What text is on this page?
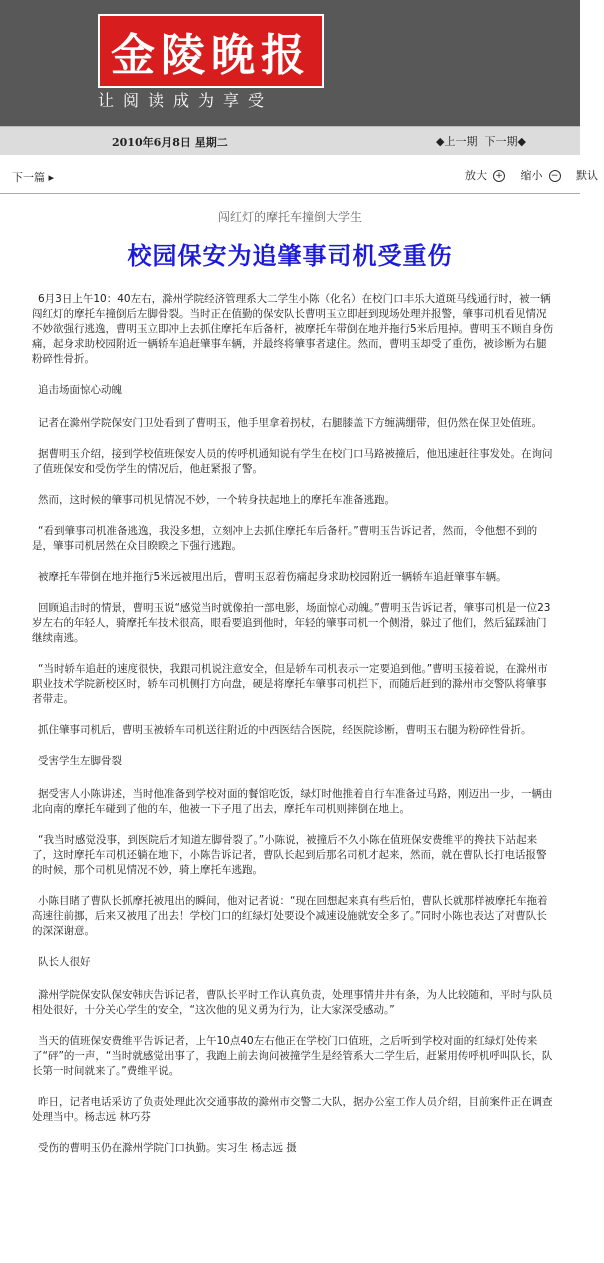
金陵晚报
让阅读成为享受
2010年6月8日 星期二	◆上一期 下一期◆
下一篇 ▸	放大 + 缩小 − 默认
闯红灯的摩托车撞倒大学生
校园保安为追肇事司机受重伤

6月3日上午10：40左右，滁州学院经济管理系大二学生小陈（化名）在校门口丰乐大道斑马线通行时，被一辆闯红灯的摩托车撞倒后左脚骨裂。当时正在值勤的保安队长曹明玉立即赶到现场处理并报警，肇事司机看见情况不妙欲强行逃逸，曹明玉立即冲上去抓住摩托车后备杆，被摩托车带倒在地并拖行5米后甩掉。曹明玉不顾自身伤痛，起身求助校园附近一辆轿车追赶肇事车辆，并最终将肇事者逮住。然而，曹明玉却受了重伤，被诊断为右腿粉碎性骨折。

追击场面惊心动魄

记者在滁州学院保安门卫处看到了曹明玉，他手里拿着拐杖，右腿膝盖下方缠满绷带，但仍然在保卫处值班。

据曹明玉介绍，接到学校值班保安人员的传呼机通知说有学生在校门口马路被撞后，他迅速赶往事发处。在询问了值班保安和受伤学生的情况后，他赶紧报了警。

然而，这时候的肇事司机见情况不妙，一个转身扶起地上的摩托车准备逃跑。

“看到肇事司机准备逃逸，我没多想，立刻冲上去抓住摩托车后备杆。”曹明玉告诉记者，然而，令他想不到的是，肇事司机居然在众目睽睽之下强行逃跑。

被摩托车带倒在地并拖行5米远被甩出后，曹明玉忍着伤痛起身求助校园附近一辆轿车追赶肇事车辆。

回顾追击时的情景，曹明玉说“感觉当时就像拍一部电影，场面惊心动魄。”曹明玉告诉记者，肇事司机是一位23岁左右的年轻人，骑摩托车技术很高，眼看要追到他时，年轻的肇事司机一个侧滑，躲过了他们，然后猛踩油门继续南逃。

“当时轿车追赶的速度很快，我跟司机说注意安全，但是轿车司机表示一定要追到他。”曹明玉接着说，在滁州市职业技术学院新校区时，轿车司机侧打方向盘，硬是将摩托车肇事司机拦下，而随后赶到的滁州市交警队将肇事者带走。

抓住肇事司机后，曹明玉被轿车司机送往附近的中西医结合医院，经医院诊断，曹明玉右腿为粉碎性骨折。

受害学生左脚骨裂

据受害人小陈讲述，当时他准备到学校对面的餐馆吃饭，绿灯时他推着自行车准备过马路，刚迈出一步，一辆由北向南的摩托车碰到了他的车，他被一下子甩了出去，摩托车司机则摔倒在地上。

“我当时感觉没事，到医院后才知道左脚骨裂了。”小陈说，被撞后不久小陈在值班保安费维平的搀扶下站起来了，这时摩托车司机还躺在地下，小陈告诉记者，曹队长起到后那名司机才起来，然而，就在曹队长打电话报警的时候，那个司机见情况不妙，骑上摩托车逃跑。

小陈目睹了曹队长抓摩托被甩出的瞬间，他对记者说：“现在回想起来真有些后怕，曹队长就那样被摩托车拖着高速往前挪，后来又被甩了出去！学校门口的红绿灯处要设个减速设施就安全多了。”同时小陈也表达了对曹队长的深深谢意。

队长人很好

滁州学院保安队保安韩庆告诉记者，曹队长平时工作认真负责，处理事情井井有条，为人比较随和，平时与队员相处很好，十分关心学生的安全，“这次他的见义勇为行为，让大家深受感动。”

当天的值班保安费维平告诉记者，上午10点40左右他正在学校门口值班，之后听到学校对面的红绿灯处传来了“砰”的一声，“当时就感觉出事了，我跑上前去询问被撞学生是经管系大二学生后，赶紧用传呼机呼叫队长，队长第一时间就来了。”费维平说。

昨日，记者电话采访了负责处理此次交通事故的滁州市交警二大队，据办公室工作人员介绍，目前案件正在调查处理当中。杨志远 林巧芬

受伤的曹明玉仍在滁州学院门口执勤。实习生 杨志远 摄
